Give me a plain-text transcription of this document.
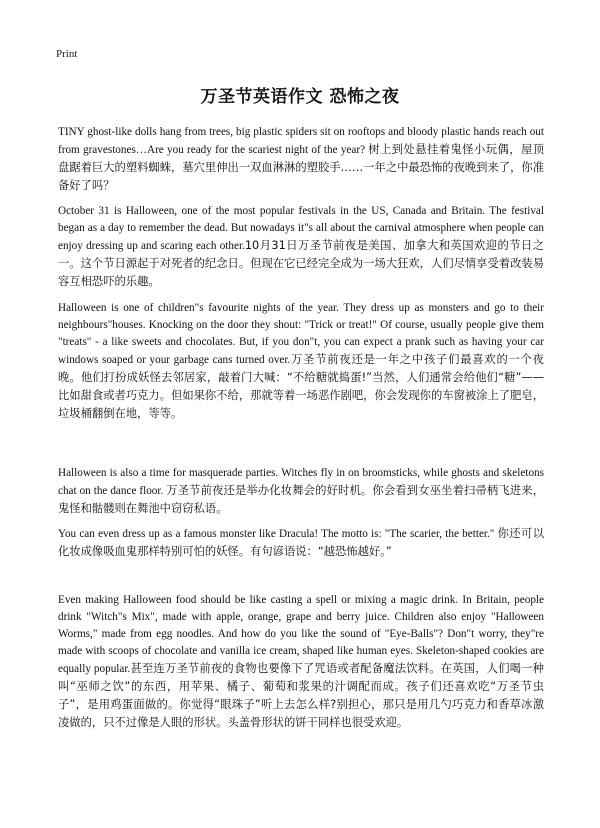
Print
万圣节英语作文 恐怖之夜
TINY ghost-like dolls hang from trees, big plastic spiders sit on rooftops and bloody plastic hands reach out from gravestones…Are you ready for the scariest night of the year? 树上到处悬挂着鬼怪小玩偶，屋顶盘踞着巨大的塑料蜘蛛，墓穴里伸出一双血淋淋的塑胶手……一年之中最恐怖的夜晚到来了，你准备好了吗？
October 31 is Halloween, one of the most popular festivals in the US, Canada and Britain. The festival began as a day to remember the dead. But nowadays it"s all about the carnival atmosphere when people can enjoy dressing up and scaring each other.10月31日万圣节前夜是美国、加拿大和英国欢迎的节日之一。这个节日源起于对死者的纪念日。但现在它已经完全成为一场大狂欢，人们尽情享受着改装易容互相恐吓的乐趣。
Halloween is one of children"s favourite nights of the year. They dress up as monsters and go to their neighbours"houses. Knocking on the door they shout: "Trick or treat!" Of course, usually people give them "treats" - a like sweets and chocolates. But, if you don"t, you can expect a prank such as having your car windows soaped or your garbage cans turned over.万圣节前夜还是一年之中孩子们最喜欢的一个夜晚。他们打扮成妖怪去邻居家，敲着门大喊：“不给糖就捣蛋!”当然，人们通常会给他们“糖”——比如甜食或者巧克力。但如果你不给，那就等着一场恶作剧吧，你会发现你的车窗被涂上了肥皂，垃圾桶翻倒在地，等等。
Halloween is also a time for masquerade parties. Witches fly in on broomsticks, while ghosts and skeletons chat on the dance floor. 万圣节前夜还是举办化妆舞会的好时机。你会看到女巫坐着扫帚柄飞进来，鬼怪和骷髅则在舞池中窃窃私语。
You can even dress up as a famous monster like Dracula! The motto is: "The scarier, the better." 你还可以化妆成像吸血鬼那样特别可怕的妖怪。有句谚语说：“越恐怖越好。”
Even making Halloween food should be like casting a spell or mixing a magic drink. In Britain, people drink "Witch"s Mix", made with apple, orange, grape and berry juice. Children also enjoy "Halloween Worms," made from egg noodles. And how do you like the sound of "Eye-Balls"? Don"t worry, they"re made with scoops of chocolate and vanilla ice cream, shaped like human eyes. Skeleton-shaped cookies are equally popular.甚至连万圣节前夜的食物也要像下了咒语或者配备魔法饮料。在英国，人们喝一种叫“巫师之饮”的东西，用苹果、橘子、葡萄和浆果的汁调配而成。孩子们还喜欢吃“万圣节虫子”，是用鸡蛋面做的。你觉得“眼珠子”听上去怎么样?别担心，那只是用几勺巧克力和香草冰激凌做的，只不过像是人眼的形状。头盖骨形状的饼干同样也很受欢迎。
